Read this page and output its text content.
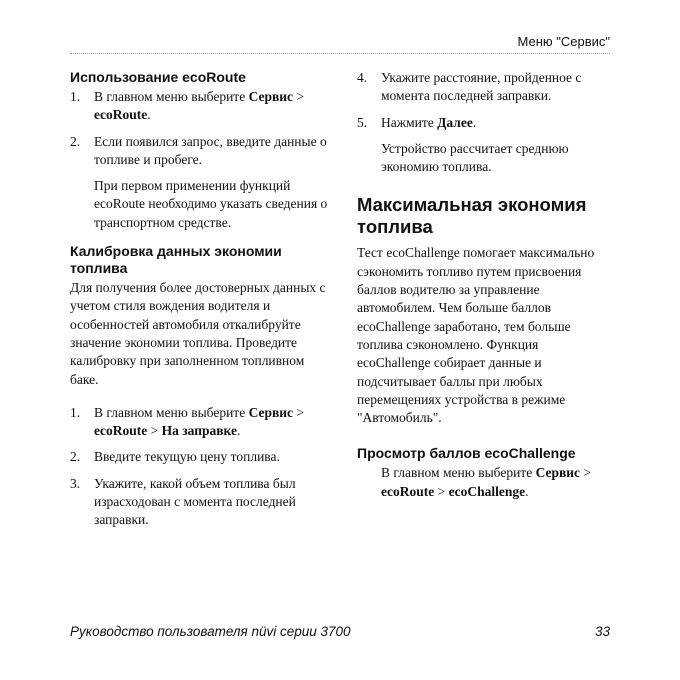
Меню "Сервис"
Использование ecoRoute
1.	В главном меню выберите Сервис > ecoRoute.
2.	Если появился запрос, введите данные о топливе и пробеге.

При первом применении функций ecoRoute необходимо указать сведения о транспортном средстве.

Калибровка данных экономии топлива

Для получения более достоверных данных с учетом стиля вождения водителя и особенностей автомобиля откалибруйте значение экономии топлива. Проведите калибровку при заполненном топливном баке.

1.	В главном меню выберите Сервис > ecoRoute > На заправке.
2.	Введите текущую цену топлива.
3.	Укажите, какой объем топлива был израсходован с момента последней заправки.
4.	Укажите расстояние, пройденное с момента последней заправки.
5.	Нажмите Далее.

Устройство рассчитает среднюю экономию топлива.

Максимальная экономия топлива

Тест ecoChallenge помогает максимально сэкономить топливо путем присвоения баллов водителю за управление автомобилем. Чем больше баллов ecoChallenge заработано, тем больше топлива сэкономлено. Функция ecoChallenge собирает данные и подсчитывает баллы при любых перемещениях устройства в режиме "Автомобиль".

Просмотр баллов ecoChallenge

В главном меню выберите Сервис > ecoRoute > ecoChallenge.

Руководство пользователя nüvi серии 3700	33
